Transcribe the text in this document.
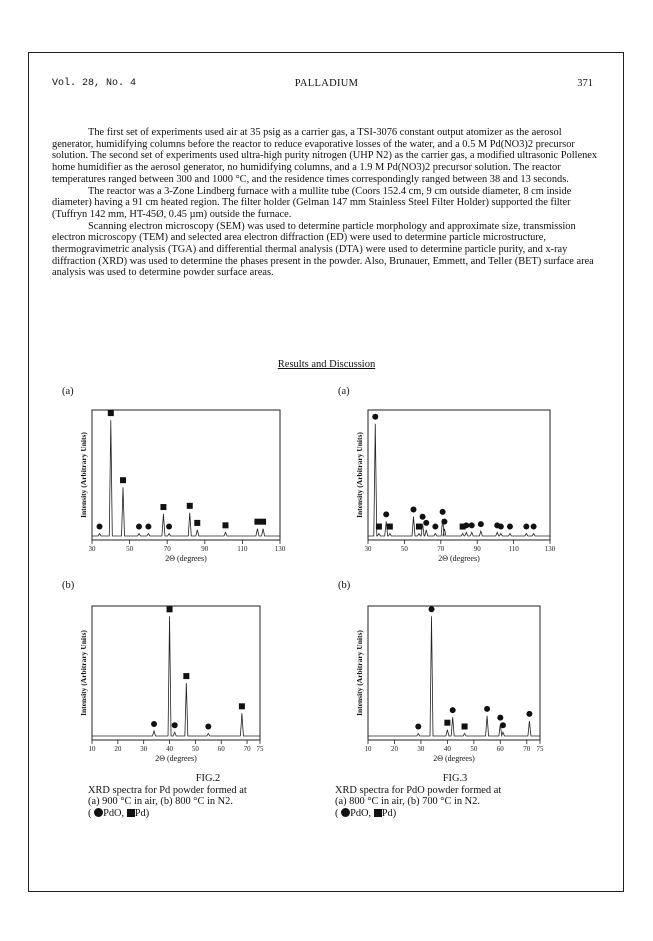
Vol. 28, No. 4	PALLADIUM	371

The first set of experiments used air at 35 psig as a carrier gas, a TSI-3076 constant output atomizer as the aerosol generator, humidifying columns before the reactor to reduce evaporative losses of the water, and a 0.5 M Pd(NO3)2 precursor solution. The second set of experiments used ultra-high purity nitrogen (UHP N2) as the carrier gas, a modified ultrasonic Pollenex home humidifier as the aerosol generator, no humidifying columns, and a 1.9 M Pd(NO3)2 precursor solution. The reactor temperatures ranged between 300 and 1000 °C, and the residence times correspondingly ranged between 38 and 13 seconds.

The reactor was a 3-Zone Lindberg furnace with a mullite tube (Coors 152.4 cm, 9 cm outside diameter, 8 cm inside diameter) having a 91 cm heated region. The filter holder (Gelman 147 mm Stainless Steel Filter Holder) supported the filter (Tuffryn 142 mm, HT-45Ø, 0.45 µm) outside the furnace.

Scanning electron microscopy (SEM) was used to determine particle morphology and approximate size, transmission electron microscopy (TEM) and selected area electron diffraction (ED) were used to determine particle microstructure, thermogravimetric analysis (TGA) and differential thermal analysis (DTA) were used to determine particle purity, and x-ray diffraction (XRD) was used to determine the phases present in the powder. Also, Brunauer, Emmett, and Teller (BET) surface area analysis was used to determine powder surface areas.

Results and Discussion
(a)	(a)
(b)	(b)
30	50	70	90	110	130
2Θ (degrees)
Intensity (Arbitrary Units)
30	50	70	90	110	130
2Θ (degrees)
Intensity (Arbitrary Units)
10	20	30	40	50	60	70 75
2Θ (degrees)
Intensity (Arbitrary Units)
10	20	30	40	50	60	70 75
2Θ (degrees)
Intensity (Arbitrary Units)
FIG.2
XRD spectra for Pd powder formed at
(a) 900 °C in air, (b) 800 °C in N2.
( PdO, Pd)
FIG.3
XRD spectra for PdO powder formed at
(a) 800 °C in air, (b) 700 °C in N2.
( PdO, Pd)
